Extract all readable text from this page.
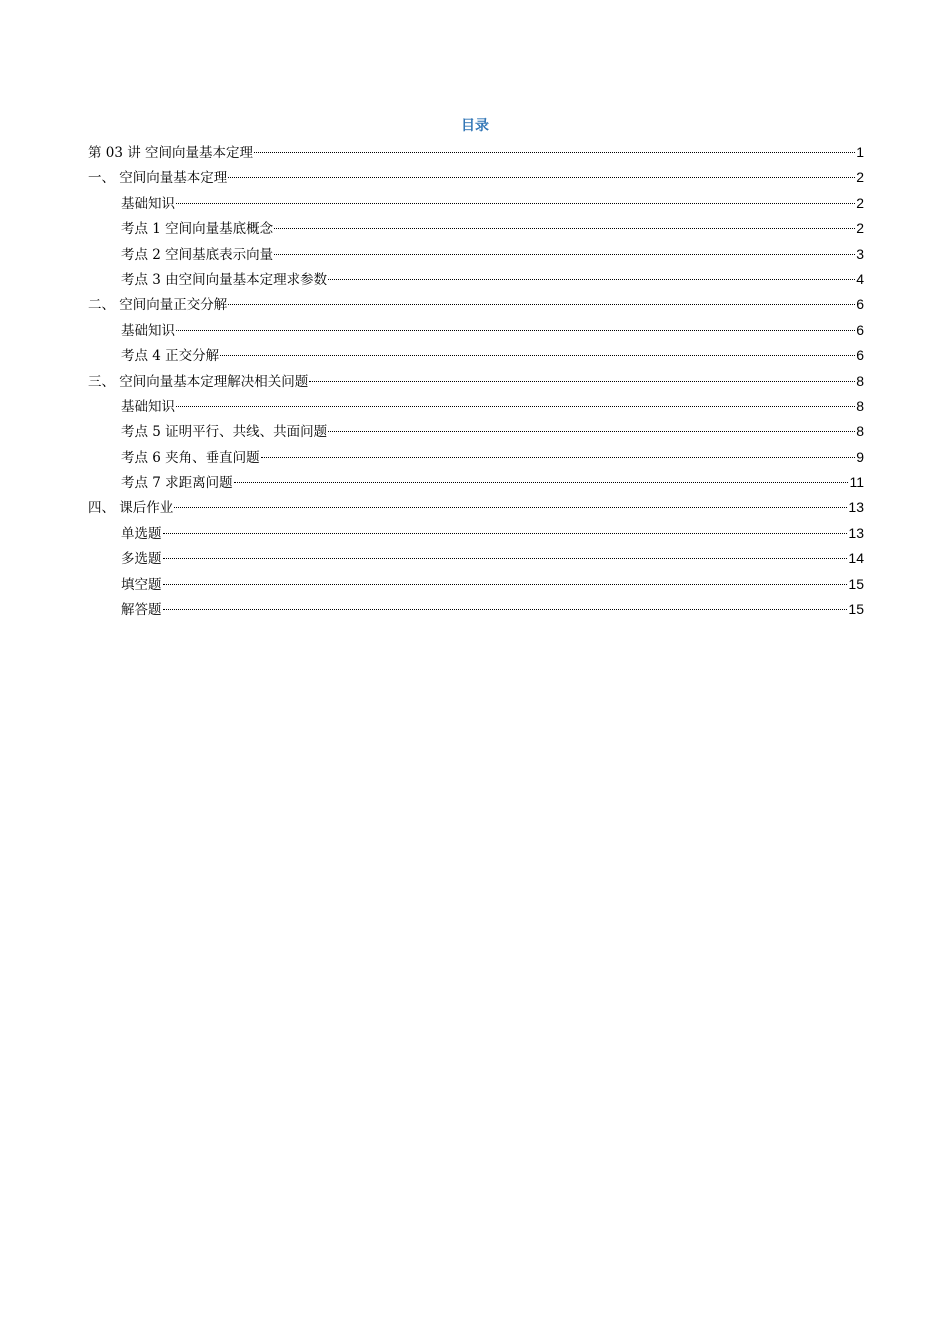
目录
第 03 讲 空间向量基本定理	1
一、 空间向量基本定理	2
基础知识	2
考点 1 空间向量基底概念	2
考点 2 空间基底表示向量	3
考点 3 由空间向量基本定理求参数	4
二、 空间向量正交分解	6
基础知识	6
考点 4 正交分解	6
三、 空间向量基本定理解决相关问题	8
基础知识	8
考点 5 证明平行、共线、共面问题	8
考点 6 夹角、垂直问题	9
考点 7 求距离问题	11
四、 课后作业	13
单选题	13
多选题	14
填空题	15
解答题	15
